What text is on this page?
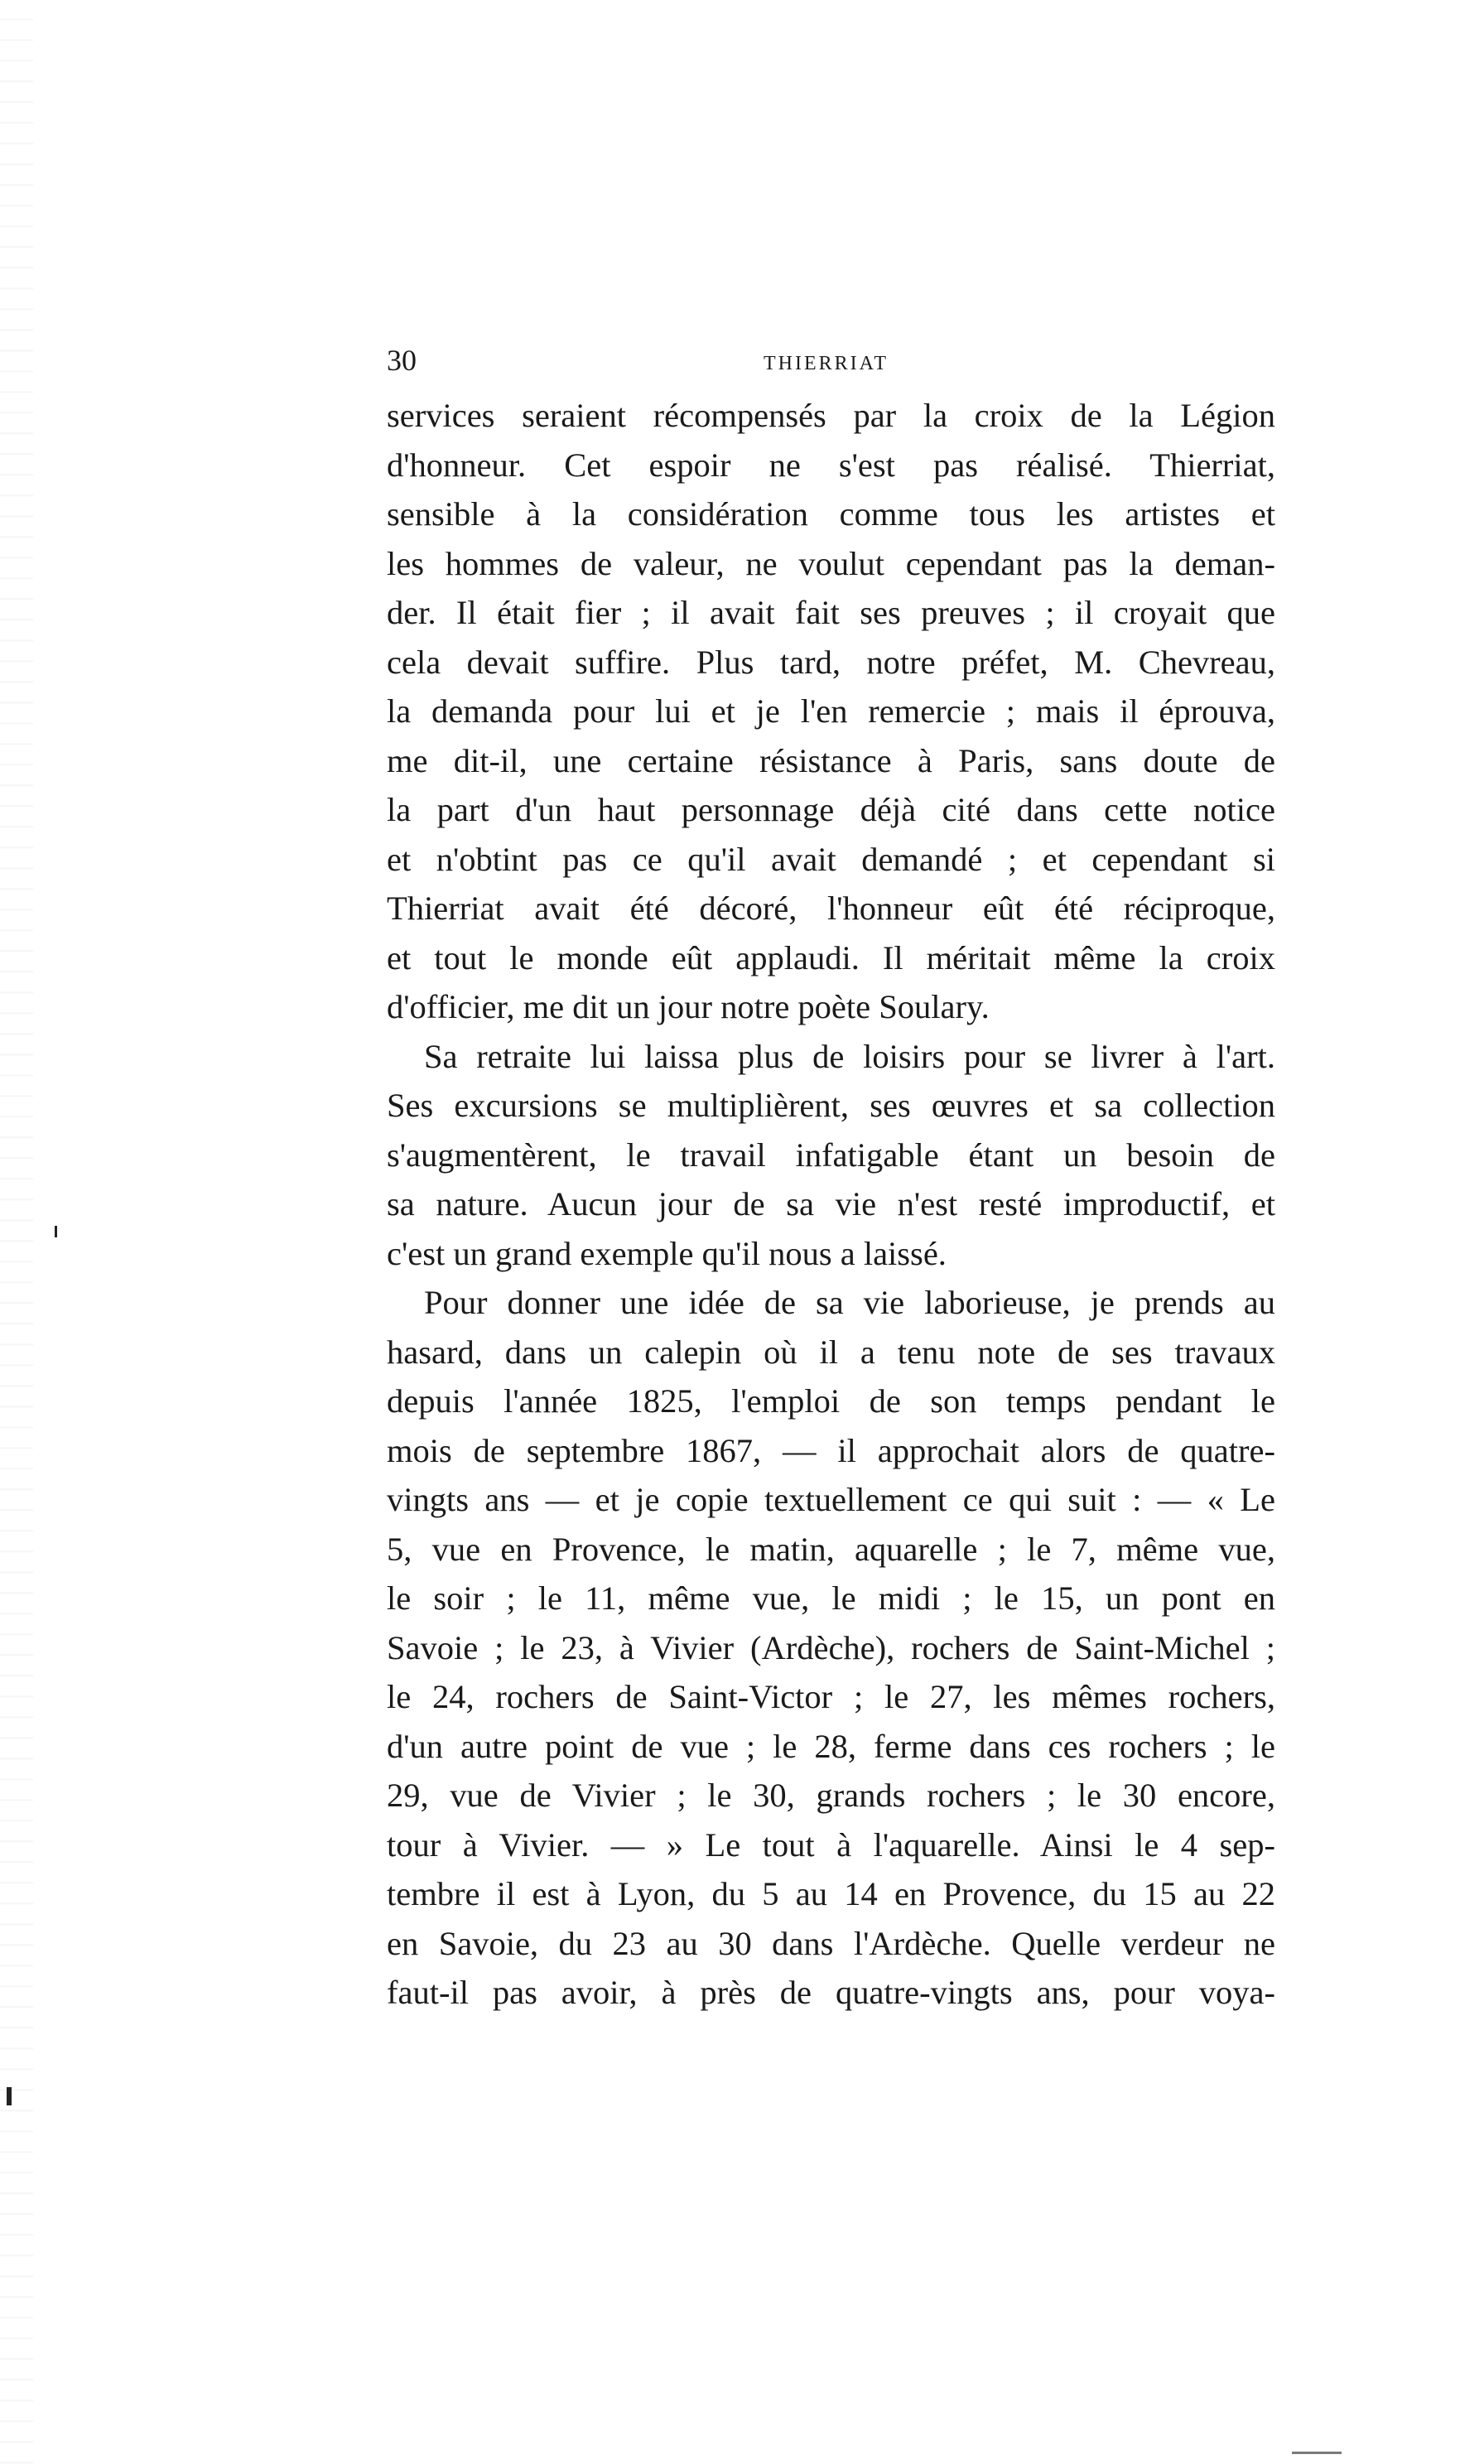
30	THIERRIAT
services seraient récompensés par la croix de la Légion
d'honneur. Cet espoir ne s'est pas réalisé. Thierriat,
sensible à la considération comme tous les artistes et
les hommes de valeur, ne voulut cependant pas la deman-
der. Il était fier ; il avait fait ses preuves ; il croyait que
cela devait suffire. Plus tard, notre préfet, M. Chevreau,
la demanda pour lui et je l'en remercie ; mais il éprouva,
me dit-il, une certaine résistance à Paris, sans doute de
la part d'un haut personnage déjà cité dans cette notice
et n'obtint pas ce qu'il avait demandé ; et cependant si
Thierriat avait été décoré, l'honneur eût été réciproque,
et tout le monde eût applaudi. Il méritait même la croix
d'officier, me dit un jour notre poète Soulary.
Sa retraite lui laissa plus de loisirs pour se livrer à l'art.
Ses excursions se multiplièrent, ses œuvres et sa collection
s'augmentèrent, le travail infatigable étant un besoin de
sa nature. Aucun jour de sa vie n'est resté improductif, et
c'est un grand exemple qu'il nous a laissé.
Pour donner une idée de sa vie laborieuse, je prends au
hasard, dans un calepin où il a tenu note de ses travaux
depuis l'année 1825, l'emploi de son temps pendant le
mois de septembre 1867, — il approchait alors de quatre-
vingts ans — et je copie textuellement ce qui suit : — « Le
5, vue en Provence, le matin, aquarelle ; le 7, même vue,
le soir ; le 11, même vue, le midi ; le 15, un pont en
Savoie ; le 23, à Vivier (Ardèche), rochers de Saint-Michel ;
le 24, rochers de Saint-Victor ; le 27, les mêmes rochers,
d'un autre point de vue ; le 28, ferme dans ces rochers ; le
29, vue de Vivier ; le 30, grands rochers ; le 30 encore,
tour à Vivier. — » Le tout à l'aquarelle. Ainsi le 4 sep-
tembre il est à Lyon, du 5 au 14 en Provence, du 15 au 22
en Savoie, du 23 au 30 dans l'Ardèche. Quelle verdeur ne
faut-il pas avoir, à près de quatre-vingts ans, pour voya-
